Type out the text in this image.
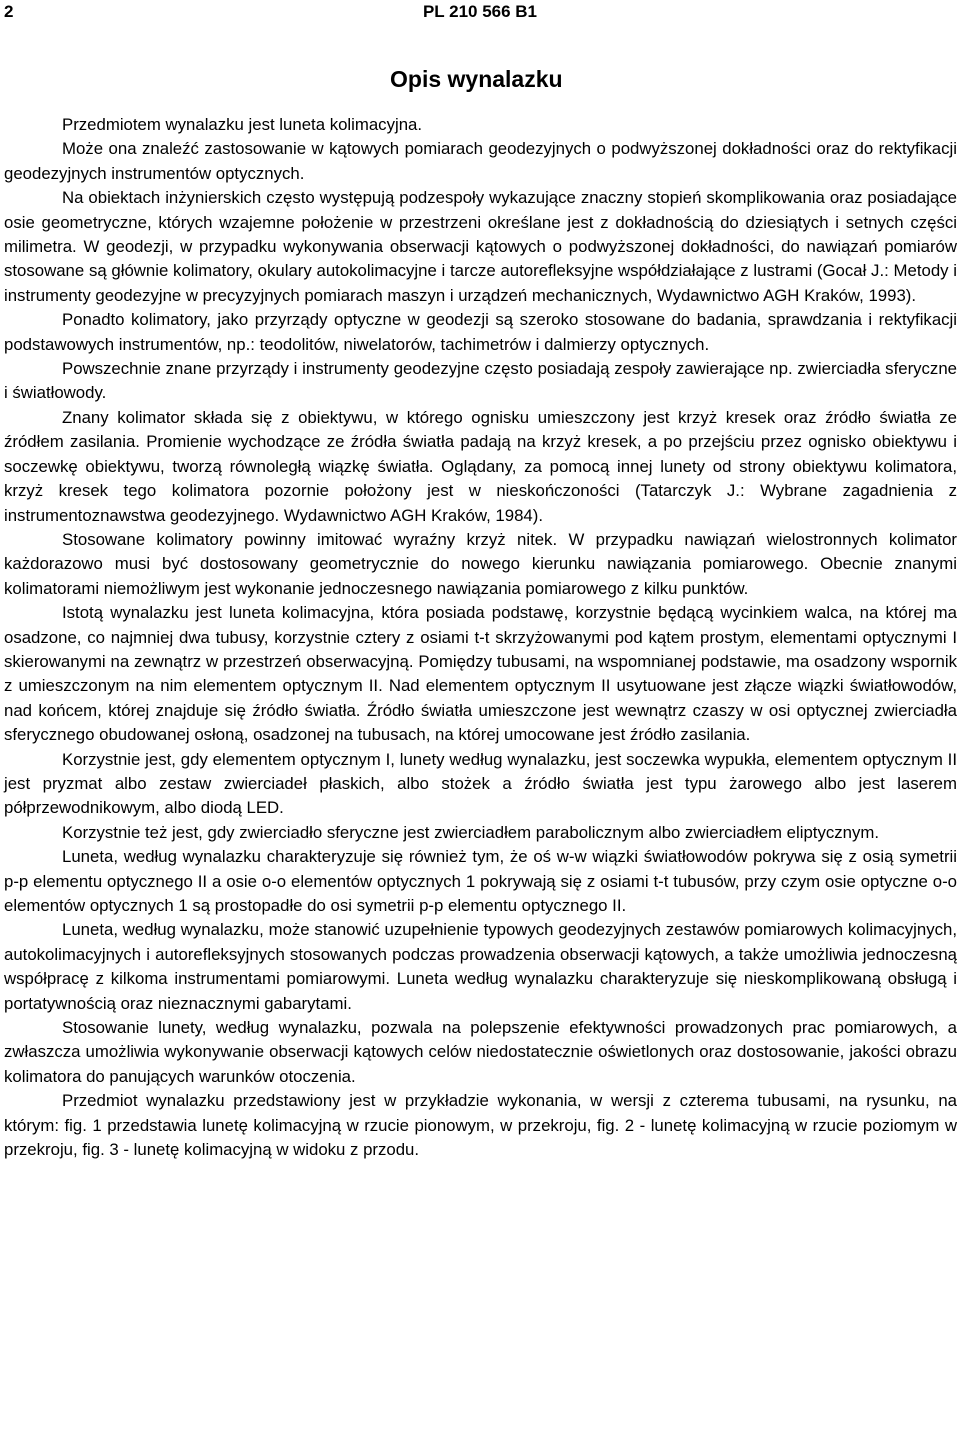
2	PL 210 566 B1
Opis wynalazku

Przedmiotem wynalazku jest luneta kolimacyjna.

Może ona znaleźć zastosowanie w kątowych pomiarach geodezyjnych o podwyższonej dokładności oraz do rektyfikacji geodezyjnych instrumentów optycznych.

Na obiektach inżynierskich często występują podzespoły wykazujące znaczny stopień skomplikowania oraz posiadające osie geometryczne, których wzajemne położenie w przestrzeni określane jest z dokładnością do dziesiątych i setnych części milimetra. W geodezji, w przypadku wykonywania obserwacji kątowych o podwyższonej dokładności, do nawiązań pomiarów stosowane są głównie kolimatory, okulary autokolimacyjne i tarcze autorefleksyjne współdziałające z lustrami (Gocał J.: Metody i instrumenty geodezyjne w precyzyjnych pomiarach maszyn i urządzeń mechanicznych, Wydawnictwo AGH Kraków, 1993).

Ponadto kolimatory, jako przyrządy optyczne w geodezji są szeroko stosowane do badania, sprawdzania i rektyfikacji podstawowych instrumentów, np.: teodolitów, niwelatorów, tachimetrów i dalmierzy optycznych.

Powszechnie znane przyrządy i instrumenty geodezyjne często posiadają zespoły zawierające np. zwierciadła sferyczne i światłowody.

Znany kolimator składa się z obiektywu, w którego ognisku umieszczony jest krzyż kresek oraz źródło światła ze źródłem zasilania. Promienie wychodzące ze źródła światła padają na krzyż kresek, a po przejściu przez ognisko obiektywu i soczewkę obiektywu, tworzą równoległą wiązkę światła. Oglądany, za pomocą innej lunety od strony obiektywu kolimatora, krzyż kresek tego kolimatora pozornie położony jest w nieskończoności (Tatarczyk J.: Wybrane zagadnienia z instrumentoznawstwa geodezyjnego. Wydawnictwo AGH Kraków, 1984).

Stosowane kolimatory powinny imitować wyraźny krzyż nitek. W przypadku nawiązań wielostronnych kolimator każdorazowo musi być dostosowany geometrycznie do nowego kierunku nawiązania pomiarowego. Obecnie znanymi kolimatorami niemożliwym jest wykonanie jednoczesnego nawiązania pomiarowego z kilku punktów.

Istotą wynalazku jest luneta kolimacyjna, która posiada podstawę, korzystnie będącą wycinkiem walca, na której ma osadzone, co najmniej dwa tubusy, korzystnie cztery z osiami t-t skrzyżowanymi pod kątem prostym, elementami optycznymi I skierowanymi na zewnątrz w przestrzeń obserwacyjną. Pomiędzy tubusami, na wspomnianej podstawie, ma osadzony wspornik z umieszczonym na nim elementem optycznym II. Nad elementem optycznym II usytuowane jest złącze wiązki światłowodów, nad końcem, której znajduje się źródło światła. Źródło światła umieszczone jest wewnątrz czaszy w osi optycznej zwierciadła sferycznego obudowanej osłoną, osadzonej na tubusach, na której umocowane jest źródło zasilania.

Korzystnie jest, gdy elementem optycznym I, lunety według wynalazku, jest soczewka wypukła, elementem optycznym II jest pryzmat albo zestaw zwierciadeł płaskich, albo stożek a źródło światła jest typu żarowego albo jest laserem półprzewodnikowym, albo diodą LED.

Korzystnie też jest, gdy zwierciadło sferyczne jest zwierciadłem parabolicznym albo zwierciadłem eliptycznym.

Luneta, według wynalazku charakteryzuje się również tym, że oś w-w wiązki światłowodów pokrywa się z osią symetrii p-p elementu optycznego II a osie o-o elementów optycznych 1 pokrywają się z osiami t-t tubusów, przy czym osie optyczne o-o elementów optycznych 1 są prostopadłe do osi symetrii p-p elementu optycznego II.

Luneta, według wynalazku, może stanowić uzupełnienie typowych geodezyjnych zestawów pomiarowych kolimacyjnych, autokolimacyjnych i autorefleksyjnych stosowanych podczas prowadzenia obserwacji kątowych, a także umożliwia jednoczesną współpracę z kilkoma instrumentami pomiarowymi. Luneta według wynalazku charakteryzuje się nieskomplikowaną obsługą i portatywnością oraz nieznacznymi gabarytami.

Stosowanie lunety, według wynalazku, pozwala na polepszenie efektywności prowadzonych prac pomiarowych, a zwłaszcza umożliwia wykonywanie obserwacji kątowych celów niedostatecznie oświetlonych oraz dostosowanie, jakości obrazu kolimatora do panujących warunków otoczenia.

Przedmiot wynalazku przedstawiony jest w przykładzie wykonania, w wersji z czterema tubusami, na rysunku, na którym: fig. 1 przedstawia lunetę kolimacyjną w rzucie pionowym, w przekroju, fig. 2 - lunetę kolimacyjną w rzucie poziomym w przekroju, fig. 3 - lunetę kolimacyjną w widoku z przodu.
